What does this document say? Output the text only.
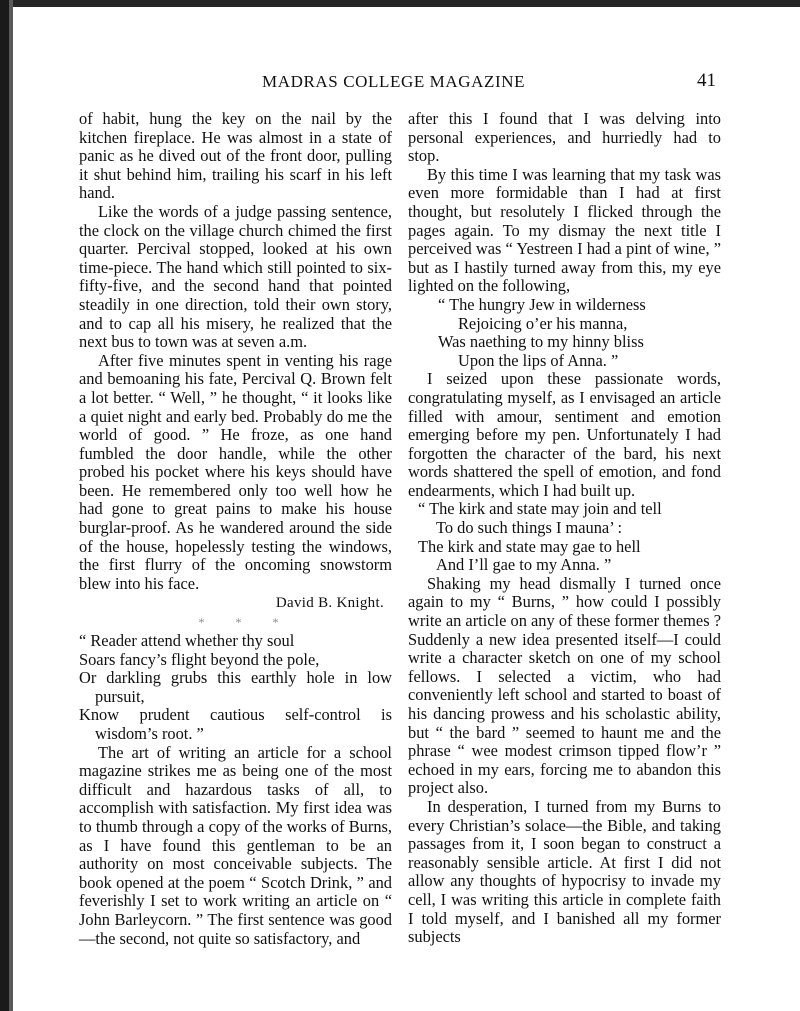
MADRAS COLLEGE MAGAZINE	41

of habit, hung the key on the nail by the kitchen fireplace. He was almost in a state of panic as he dived out of the front door, pulling it shut behind him, trailing his scarf in his left hand.

Like the words of a judge passing sentence, the clock on the village church chimed the first quarter. Percival stopped, looked at his own time-piece. The hand which still pointed to six-fifty-five, and the second hand that pointed steadily in one direction, told their own story, and to cap all his misery, he realized that the next bus to town was at seven a.m.

After five minutes spent in venting his rage and bemoaning his fate, Percival Q. Brown felt a lot better. “ Well, ” he thought, “ it looks like a quiet night and early bed. Probably do me the world of good. ” He froze, as one hand fumbled the door handle, while the other probed his pocket where his keys should have been. He remembered only too well how he had gone to great pains to make his house burglar-proof. As he wandered around the side of the house, hopelessly testing the windows, the first flurry of the oncoming snowstorm blew into his face.

David B. Knight.

* * *

“ Reader attend whether thy soul
Soars fancy’s flight beyond the pole,
Or darkling grubs this earthly hole in low pursuit,
Know prudent cautious self-control is wisdom’s root. ”

The art of writing an article for a school magazine strikes me as being one of the most difficult and hazardous tasks of all, to accomplish with satisfaction. My first idea was to thumb through a copy of the works of Burns, as I have found this gentleman to be an authority on most conceivable subjects. The book opened at the poem “ Scotch Drink, ” and feverishly I set to work writing an article on “ John Barleycorn. ” The first sentence was good —the second, not quite so satisfactory, and

after this I found that I was delving into personal experiences, and hurriedly had to stop.

By this time I was learning that my task was even more formidable than I had at first thought, but resolutely I flicked through the pages again. To my dismay the next title I perceived was “ Yestreen I had a pint of wine, ” but as I hastily turned away from this, my eye lighted on the following,

“ The hungry Jew in wilderness
Rejoicing o’er his manna,
Was naething to my hinny bliss
Upon the lips of Anna. ”

I seized upon these passionate words, congratulating myself, as I envisaged an article filled with amour, sentiment and emotion emerging before my pen. Unfortunately I had forgotten the character of the bard, his next words shattered the spell of emotion, and fond endearments, which I had built up.

“ The kirk and state may join and tell
To do such things I mauna’ :
The kirk and state may gae to hell
And I’ll gae to my Anna. ”

Shaking my head dismally I turned once again to my “ Burns, ” how could I possibly write an article on any of these former themes ? Suddenly a new idea presented itself—I could write a character sketch on one of my school fellows. I selected a victim, who had conveniently left school and started to boast of his dancing prowess and his scholastic ability, but “ the bard ” seemed to haunt me and the phrase “ wee modest crimson tipped flow’r ” echoed in my ears, forcing me to abandon this project also.

In desperation, I turned from my Burns to every Christian’s solace—the Bible, and taking passages from it, I soon began to construct a reasonably sensible article. At first I did not allow any thoughts of hypocrisy to invade my cell, I was writing this article in complete faith I told myself, and I banished all my former subjects
